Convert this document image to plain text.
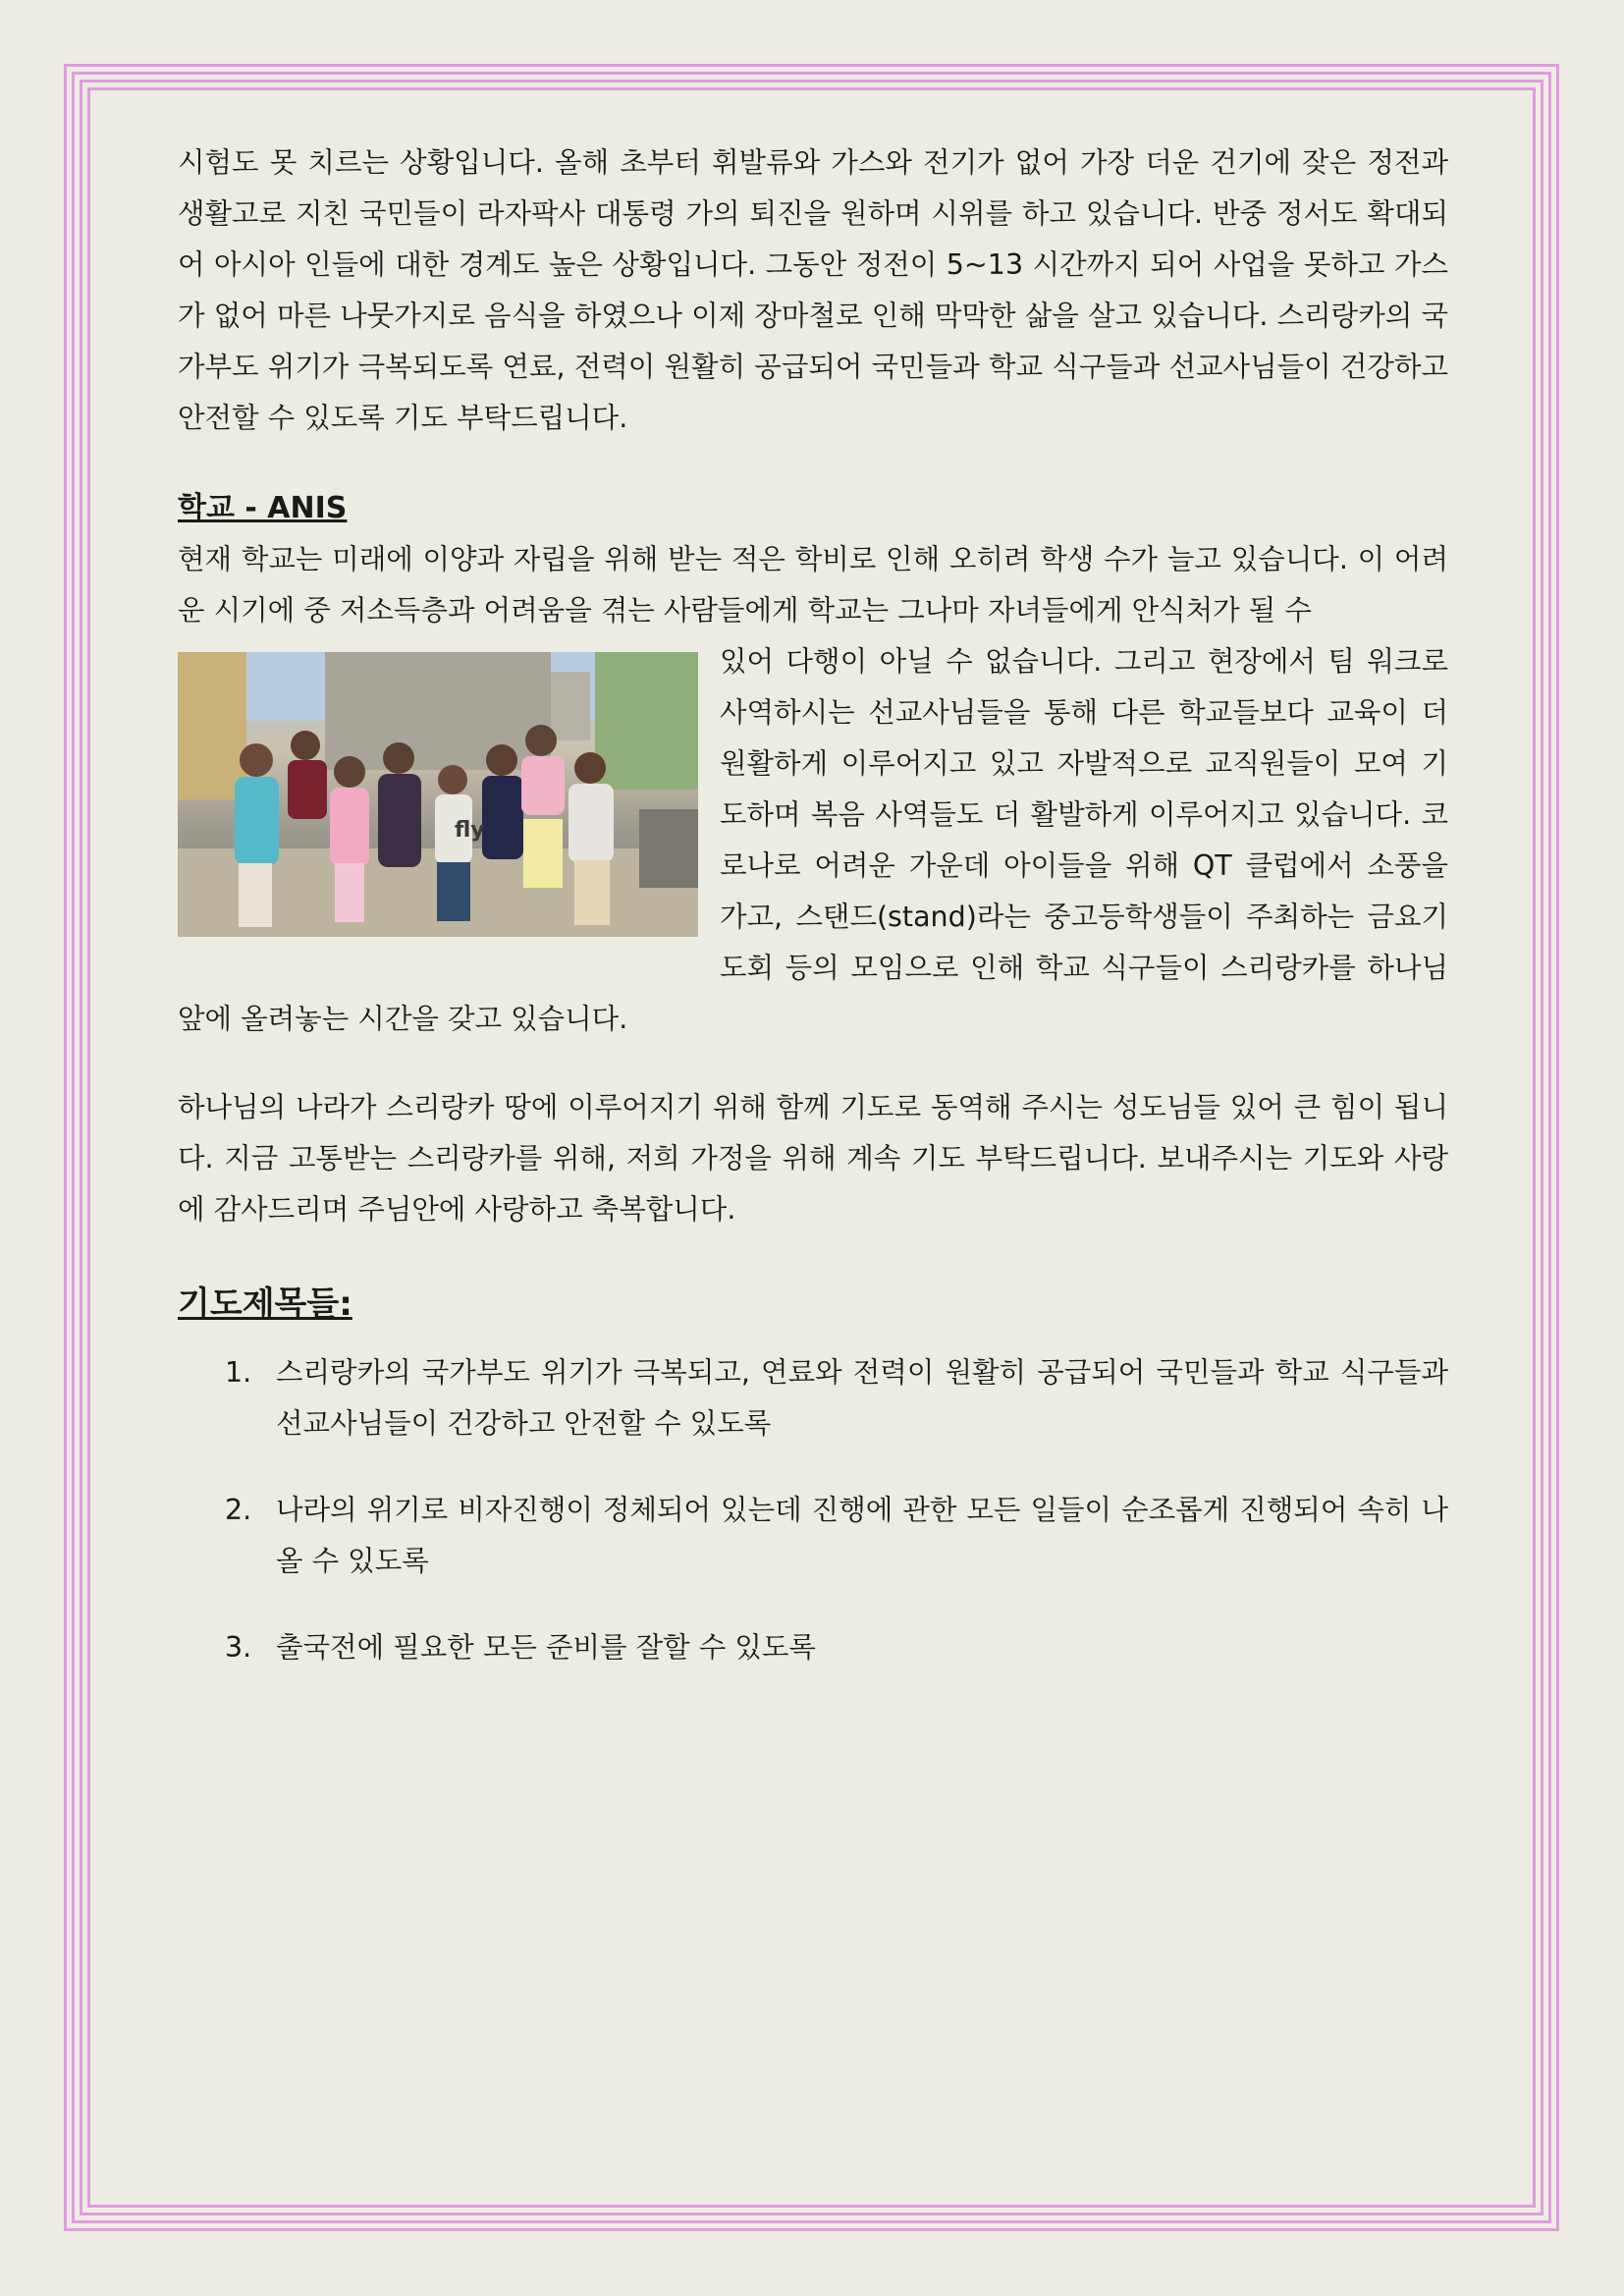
시험도 못 치르는 상황입니다. 올해 초부터 휘발류와 가스와 전기가 없어 가장 더운 건기에 잦은 정전과 생활고로 지친 국민들이 라자팍사 대통령 가의 퇴진을 원하며 시위를 하고 있습니다. 반중 정서도 확대되어 아시아 인들에 대한 경계도 높은 상황입니다. 그동안 정전이 5~13 시간까지 되어 사업을 못하고 가스가 없어 마른 나뭇가지로 음식을 하였으나 이제 장마철로 인해 막막한 삶을 살고 있습니다. 스리랑카의 국가부도 위기가 극복되도록 연료, 전력이 원활히 공급되어 국민들과 학교 식구들과 선교사님들이 건강하고 안전할 수 있도록 기도 부탁드립니다.

학교 - ANIS

현재 학교는 미래에 이양과 자립을 위해 받는 적은 학비로 인해 오히려 학생 수가 늘고 있습니다. 이 어려운 시기에 중 저소득층과 어려움을 겪는 사람들에게 학교는 그나마 자녀들에게 안식처가 될 수

fly

있어 다행이 아닐 수 없습니다. 그리고 현장에서 팀 워크로 사역하시는 선교사님들을 통해 다른 학교들보다 교육이 더 원활하게 이루어지고 있고 자발적으로 교직원들이 모여 기도하며 복음 사역들도 더 활발하게 이루어지고 있습니다. 코로나로 어려운 가운데 아이들을 위해 QT 클럽에서 소풍을 가고, 스탠드(stand)라는 중고등학생들이 주최하는 금요기도회 등의 모임으로 인해 학교 식구들이 스리랑카를 하나님 앞에 올려놓는 시간을 갖고 있습니다.

하나님의 나라가 스리랑카 땅에 이루어지기 위해 함께 기도로 동역해 주시는 성도님들 있어 큰 힘이 됩니다. 지금 고통받는 스리랑카를 위해, 저희 가정을 위해 계속 기도 부탁드립니다. 보내주시는 기도와 사랑에 감사드리며 주님안에 사랑하고 축복합니다.

기도제목들:
1. 스리랑카의 국가부도 위기가 극복되고, 연료와 전력이 원활히 공급되어 국민들과 학교 식구들과 선교사님들이 건강하고 안전할 수 있도록
2. 나라의 위기로 비자진행이 정체되어 있는데 진행에 관한 모든 일들이 순조롭게 진행되어 속히 나올 수 있도록
3. 출국전에 필요한 모든 준비를 잘할 수 있도록
